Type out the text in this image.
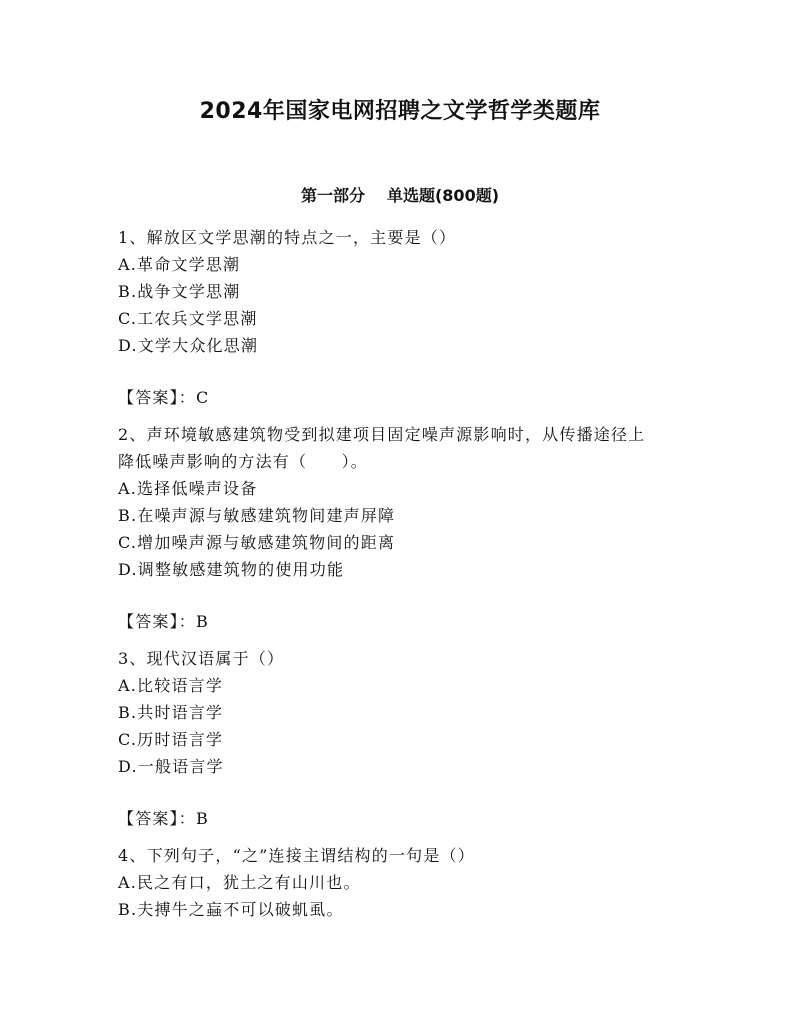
2024年国家电网招聘之文学哲学类题库
第一部分 单选题(800题)
1、解放区文学思潮的特点之一，主要是（）
A.革命文学思潮
B.战争文学思潮
C.工农兵文学思潮
D.文学大众化思潮
【答案】：C
2、声环境敏感建筑物受到拟建项目固定噪声源影响时，从传播途径上
降低噪声影响的方法有（　　）。
A.选择低噪声设备
B.在噪声源与敏感建筑物间建声屏障
C.增加噪声源与敏感建筑物间的距离
D.调整敏感建筑物的使用功能
【答案】：B
3、现代汉语属于（）
A.比较语言学
B.共时语言学
C.历时语言学
D.一般语言学
【答案】：B
4、下列句子，“之”连接主谓结构的一句是（）
A.民之有口，犹土之有山川也。
B.夫搏牛之蝱不可以破虮虱。
